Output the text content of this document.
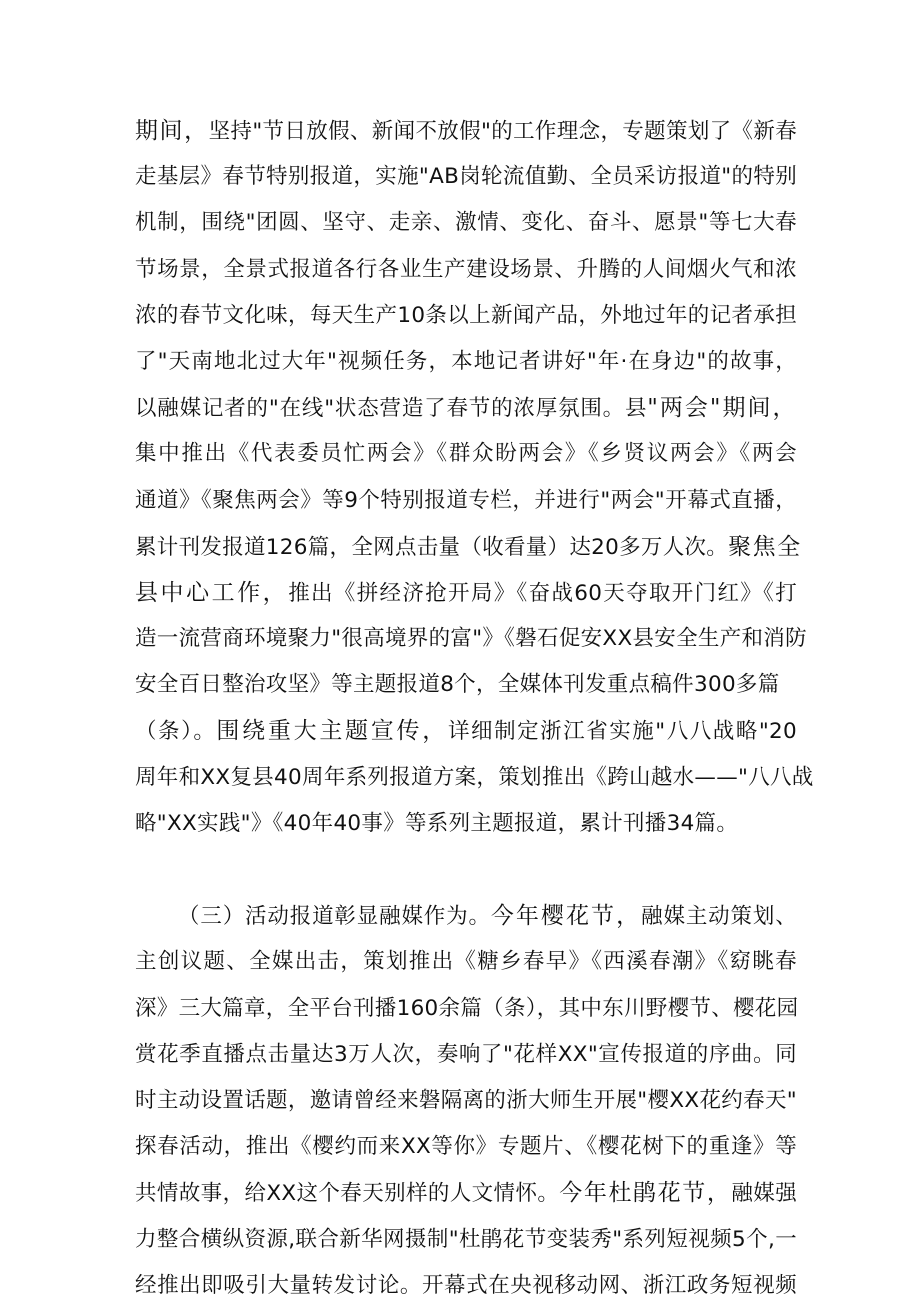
期间，坚持"节日放假、新闻不放假"的工作理念，专题策划了《新春
走基层》春节特别报道，实施"AB岗轮流值勤、全员采访报道"的特别
机制，围绕"团圆、坚守、走亲、激情、变化、奋斗、愿景"等七大春
节场景，全景式报道各行各业生产建设场景、升腾的人间烟火气和浓
浓的春节文化味，每天生产10条以上新闻产品，外地过年的记者承担
了"天南地北过大年"视频任务，本地记者讲好"年·在身边"的故事，
以融媒记者的"在线"状态营造了春节的浓厚氛围。县"两会"期间，
集中推出《代表委员忙两会》《群众盼两会》《乡贤议两会》《两会
通道》《聚焦两会》等9个特别报道专栏，并进行"两会"开幕式直播，
累计刊发报道126篇，全网点击量（收看量）达20多万人次。聚焦全
县中心工作，推出《拼经济抢开局》《奋战60天夺取开门红》《打
造一流营商环境聚力"很高境界的富"》《磐石促安XX县安全生产和消防
安全百日整治攻坚》等主题报道8个，全媒体刊发重点稿件300多篇
（条）。围绕重大主题宣传，详细制定浙江省实施"八八战略"20
周年和XX复县40周年系列报道方案，策划推出《跨山越水——"八八战
略"XX实践"》《40年40事》等系列主题报道，累计刊播34篇。
（三）活动报道彰显融媒作为。今年樱花节，融媒主动策划、
主创议题、全媒出击，策划推出《糖乡春早》《西溪春潮》《窈眺春
深》三大篇章，全平台刊播160余篇（条），其中东川野樱节、樱花园
赏花季直播点击量达3万人次，奏响了"花样XX"宣传报道的序曲。同
时主动设置话题，邀请曾经来磐隔离的浙大师生开展"樱XX花约春天"
探春活动，推出《樱约而来XX等你》专题片、《樱花树下的重逢》等
共情故事，给XX这个春天别样的人文情怀。今年杜鹃花节，融媒强
力整合横纵资源,联合新华网摄制"杜鹃花节变装秀"系列短视频5个,一
经推出即吸引大量转发讨论。开幕式在央视移动网、浙江政务短视频
